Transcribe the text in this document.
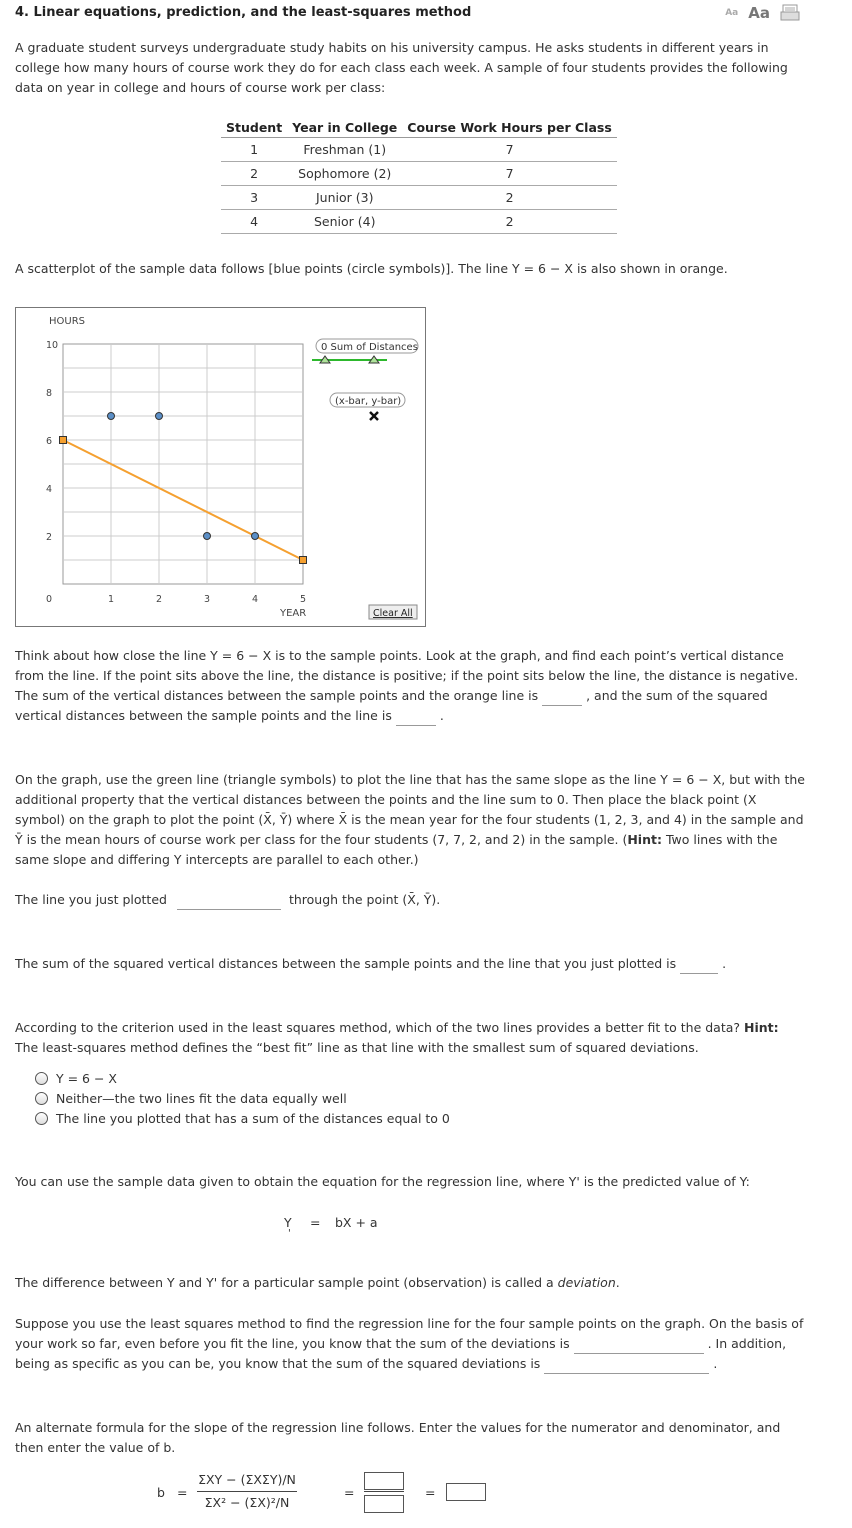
4. Linear equations, prediction, and the least-squares method	Aa Aa
A graduate student surveys undergraduate study habits on his university campus. He asks students in different years in college how many hours of course work they do for each class each week. A sample of four students provides the following data on year in college and hours of course work per class:
Student	Year in College	Course Work Hours per Class
1	Freshman (1)	7
2	Sophomore (2)	7
3	Junior (3)	2
4	Senior (4)	2
A scatterplot of the sample data follows [blue points (circle symbols)]. The line Y = 6 − X is also shown in orange.
HOURS
YEAR
10
8
6
4
2
0	1	2	3	4	5
0 Sum of Distances
(x-bar, y-bar)
Clear All
Think about how close the line Y = 6 − X is to the sample points. Look at the graph, and find each point’s vertical distance from the line. If the point sits above the line, the distance is positive; if the point sits below the line, the distance is negative. The sum of the vertical distances between the sample points and the orange line is	, and the sum of the squared vertical distances between the sample points and the line is	.
On the graph, use the green line (triangle symbols) to plot the line that has the same slope as the line Y = 6 − X, but with the additional property that the vertical distances between the points and the line sum to 0. Then place the black point (X symbol) on the graph to plot the point (X̄, Ȳ) where X̄ is the mean year for the four students (1, 2, 3, and 4) in the sample and Ȳ is the mean hours of course work per class for the four students (7, 7, 2, and 2) in the sample. (Hint: Two lines with the same slope and differing Y intercepts are parallel to each other.)
The line you just plotted	through the point (X̄, Ȳ).
The sum of the squared vertical distances between the sample points and the line that you just plotted is	.
According to the criterion used in the least squares method, which of the two lines provides a better fit to the data? Hint: The least-squares method defines the “best fit” line as that line with the smallest sum of squared deviations.
Y = 6 − X
Neither—the two lines fit the data equally well
The line you plotted that has a sum of the distances equal to 0
You can use the sample data given to obtain the equation for the regression line, where Y' is the predicted value of Y:
Y
'
= bX + a
The difference between Y and Y' for a particular sample point (observation) is called a deviation.
Suppose you use the least squares method to find the regression line for the four sample points on the graph. On the basis of your work so far, even before you fit the line, you know that the sum of the deviations is	. In addition, being as specific as you can be, you know that the sum of the squared deviations is	.
An alternate formula for the slope of the regression line follows. Enter the values for the numerator and denominator, and then enter the value of b.
b =
ΣXY − (ΣXΣY)/N
ΣX² − (ΣX)²/N
=	=
